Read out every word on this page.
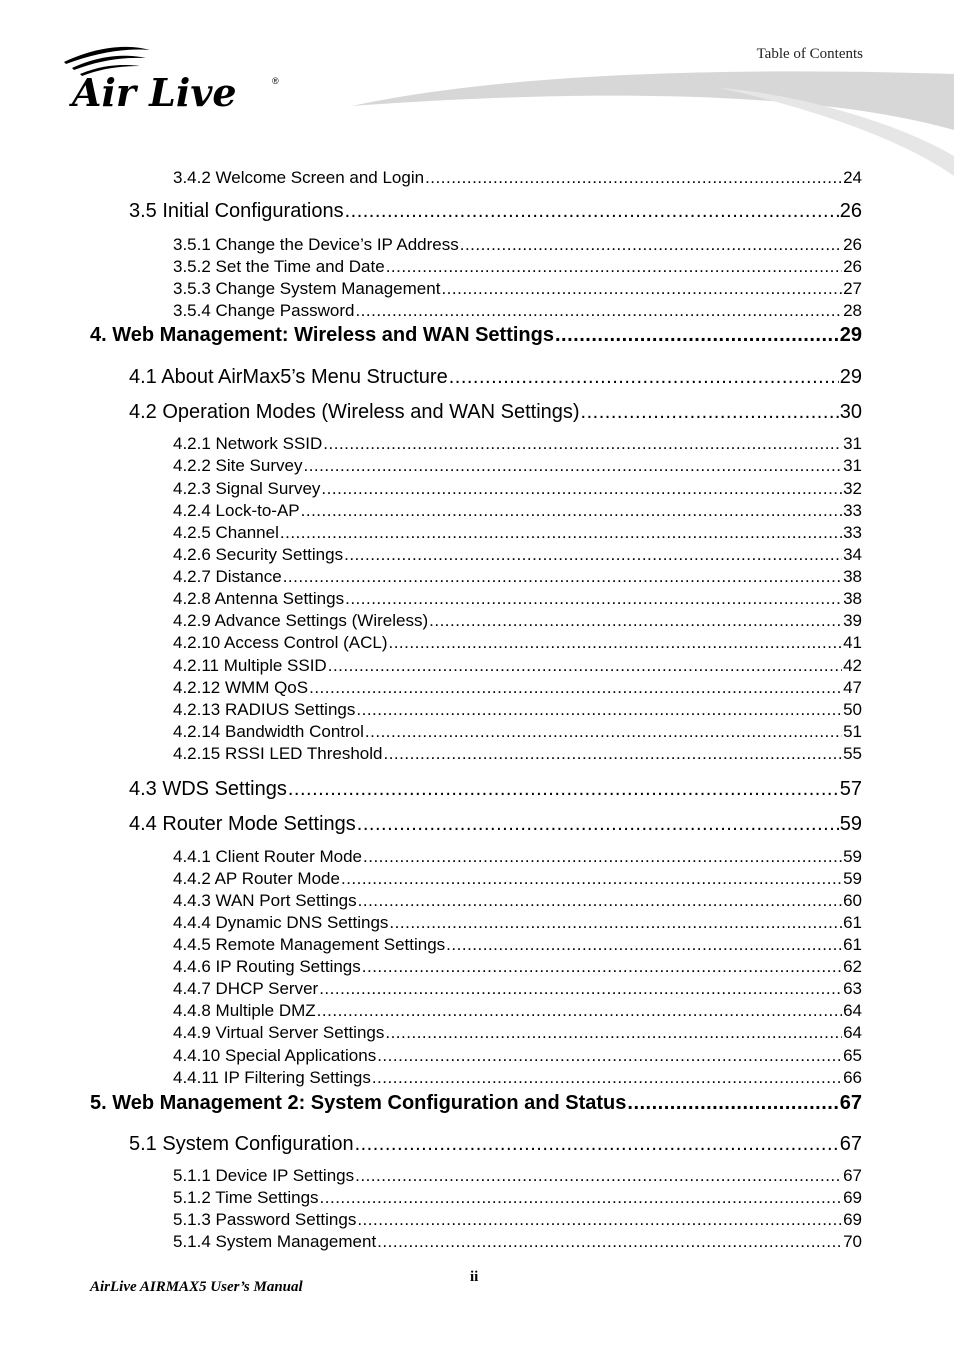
Air Live	®
Table of Contents
3.4.2 Welcome Screen and Login .....	24
3.5 Initial Configurations .....	26
3.5.1 Change the Device’s IP Address .....	26
3.5.2 Set the Time and Date .....	26
3.5.3 Change System Management .....	27
3.5.4 Change Password .....	28
4. Web Management: Wireless and WAN Settings .....	29
4.1 About AirMax5’s Menu Structure .....	29
4.2 Operation Modes (Wireless and WAN Settings) .....	30
4.2.1 Network SSID .....	31
4.2.2 Site Survey .....	31
4.2.3 Signal Survey .....	32
4.2.4 Lock-to-AP .....	33
4.2.5 Channel .....	33
4.2.6 Security Settings .....	34
4.2.7 Distance .....	38
4.2.8 Antenna Settings .....	38
4.2.9 Advance Settings (Wireless) .....	39
4.2.10 Access Control (ACL) .....	41
4.2.11 Multiple SSID .....	42
4.2.12 WMM QoS .....	47
4.2.13 RADIUS Settings .....	50
4.2.14 Bandwidth Control .....	51
4.2.15 RSSI LED Threshold .....	55
4.3 WDS Settings .....	57
4.4 Router Mode Settings .....	59
4.4.1 Client Router Mode .....	59
4.4.2 AP Router Mode .....	59
4.4.3 WAN Port Settings .....	60
4.4.4 Dynamic DNS Settings .....	61
4.4.5 Remote Management Settings .....	61
4.4.6 IP Routing Settings .....	62
4.4.7 DHCP Server .....	63
4.4.8 Multiple DMZ .....	64
4.4.9 Virtual Server Settings .....	64
4.4.10 Special Applications .....	65
4.4.11 IP Filtering Settings .....	66
5. Web Management 2: System Configuration and Status .....	67
5.1 System Configuration .....	67
5.1.1 Device IP Settings .....	67
5.1.2 Time Settings .....	69
5.1.3 Password Settings .....	69
5.1.4 System Management .....	70
AirLive AIRMAX5 User’s Manual
ii
